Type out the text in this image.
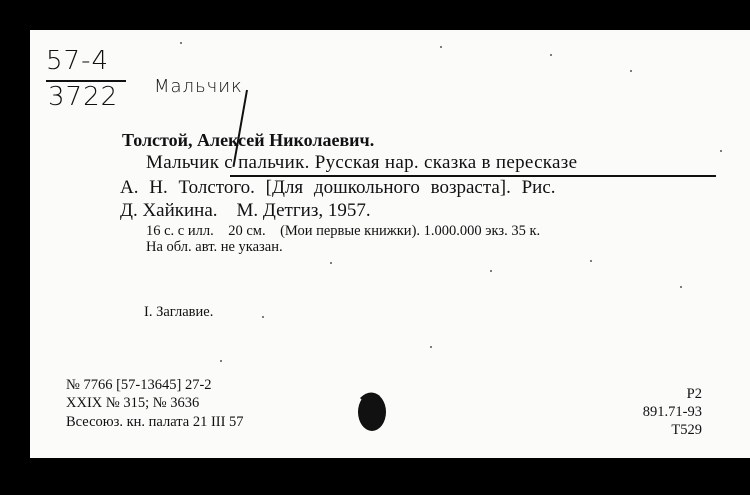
57-4
3722 Мальчик
Толстой, Алексей Николаевич.
Мальчик с пальчик. Русская нар. сказка в пересказе
А. Н. Толстого. [Для дошкольного возраста]. Рис.
Д. Хайкина.    М. Детгиз, 1957.
16 с. с илл.    20 см.    (Мои первые книжки). 1.000.000 экз. 35 к.
На обл. авт. не указан.
I. Заглавие.
№ 7766 [57-13645] 27-2
XXIX № 315; № 3636
Всесоюз. кн. палата 21 III 57
Р2
891.71-93
Т529
